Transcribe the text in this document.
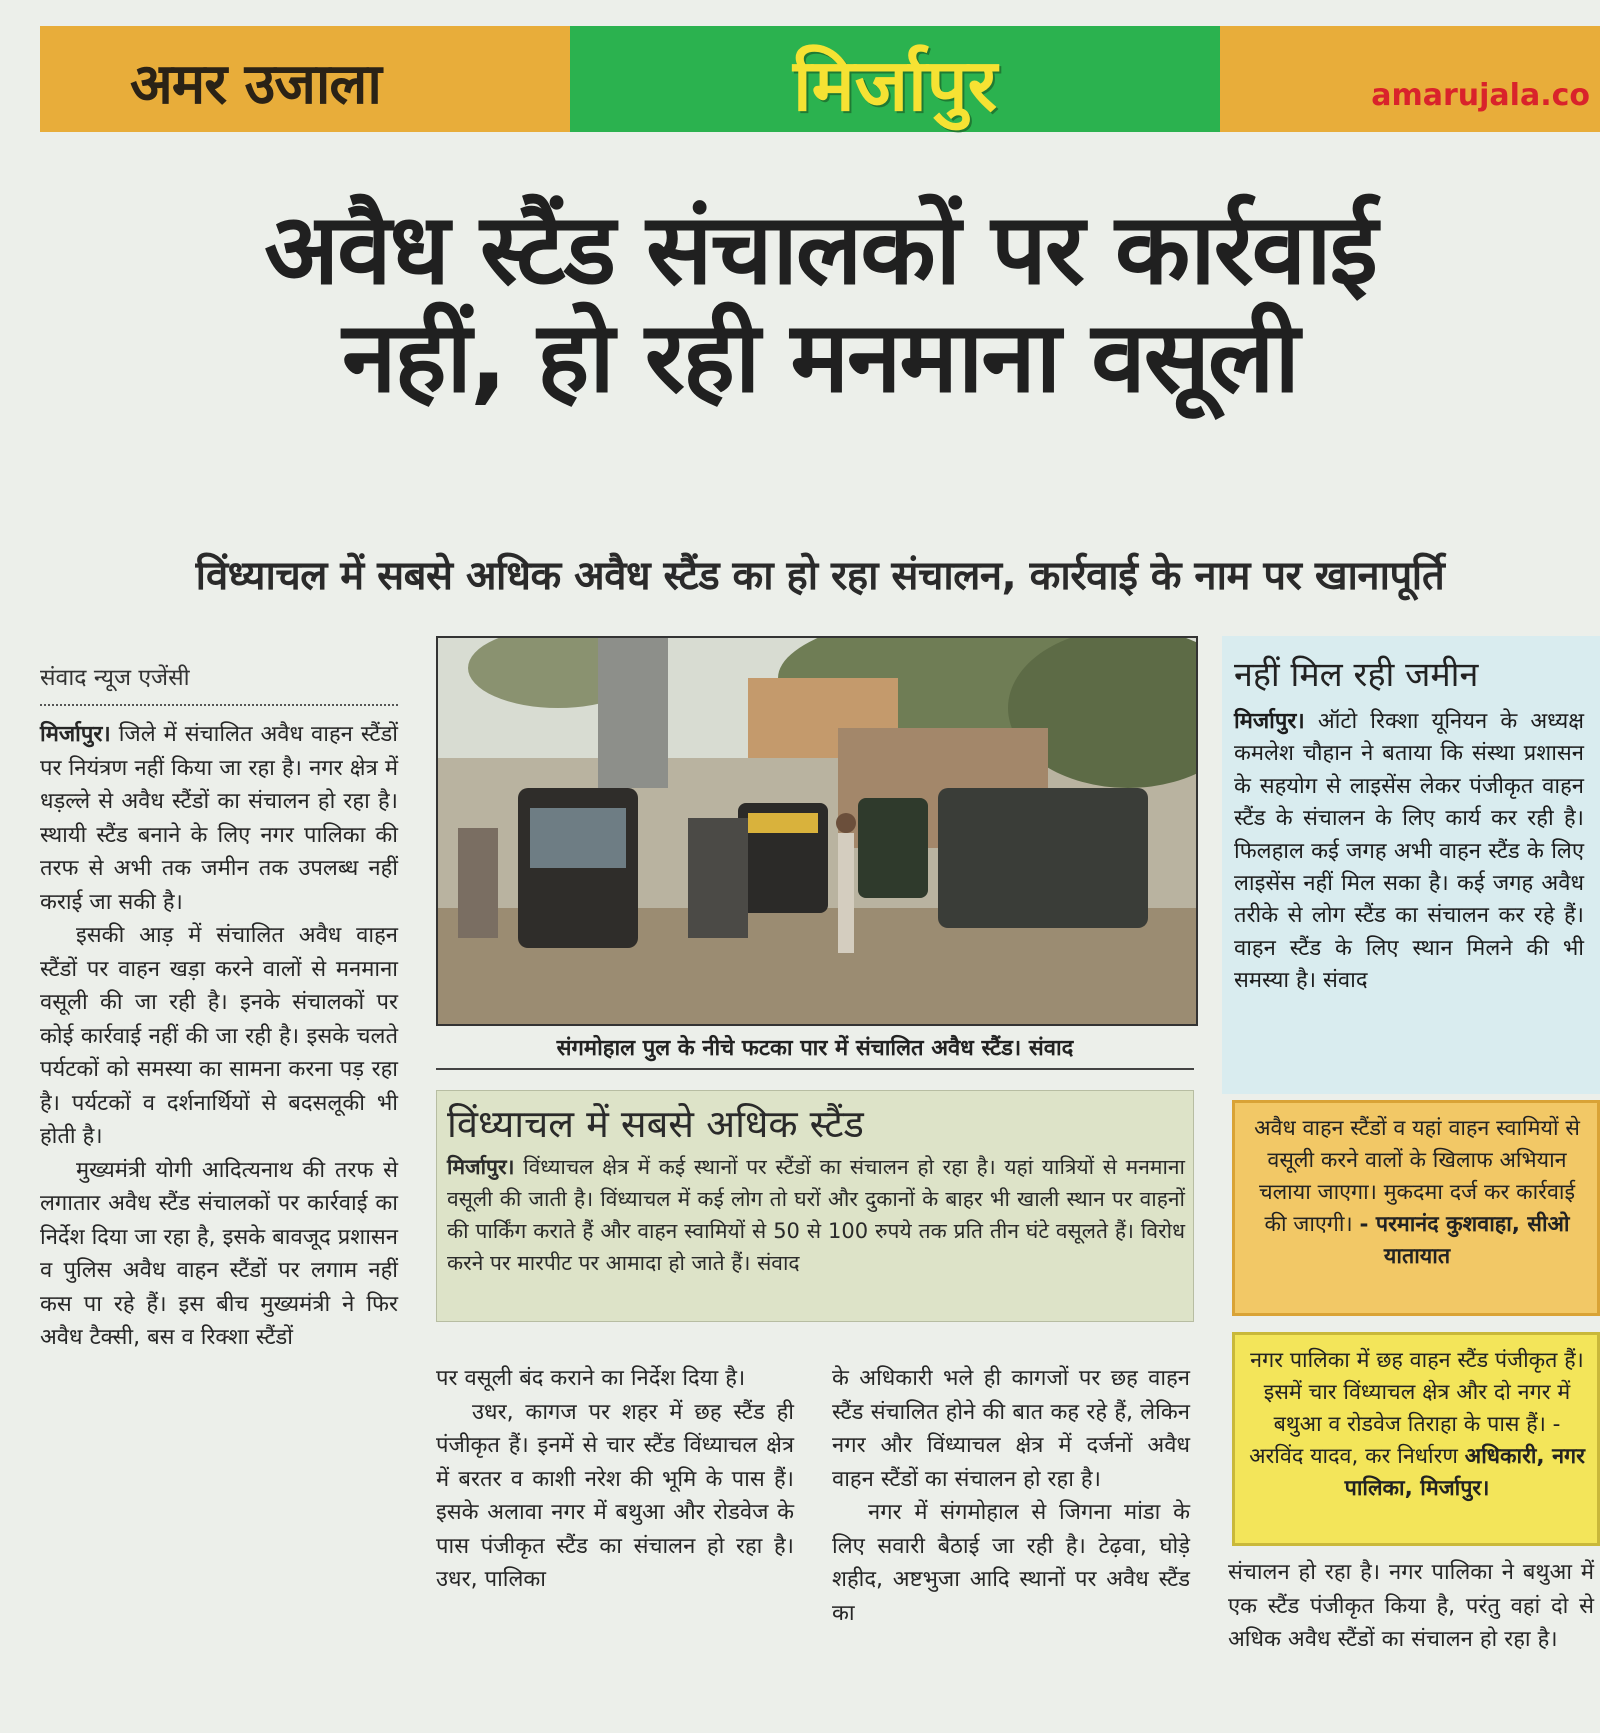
अमर उजाला	मिर्जापुर	amarujala.co
अवैध स्टैंड संचालकों पर कार्रवाई
नहीं, हो रही मनमाना वसूली
विंध्याचल में सबसे अधिक अवैध स्टैंड का हो रहा संचालन, कार्रवाई के नाम पर खानापूर्ति
संवाद न्यूज एजेंसी

मिर्जापुर। जिले में संचालित अवैध वाहन स्टैंडों पर नियंत्रण नहीं किया जा रहा है। नगर क्षेत्र में धड़ल्ले से अवैध स्टैंडों का संचालन हो रहा है। स्थायी स्टैंड बनाने के लिए नगर पालिका की तरफ से अभी तक जमीन तक उपलब्ध नहीं कराई जा सकी है।

इसकी आड़ में संचालित अवैध वाहन स्टैंडों पर वाहन खड़ा करने वालों से मनमाना वसूली की जा रही है। इनके संचालकों पर कोई कार्रवाई नहीं की जा रही है। इसके चलते पर्यटकों को समस्या का सामना करना पड़ रहा है। पर्यटकों व दर्शनार्थियों से बदसलूकी भी होती है।

मुख्यमंत्री योगी आदित्यनाथ की तरफ से लगातार अवैध स्टैंड संचालकों पर कार्रवाई का निर्देश दिया जा रहा है, इसके बावजूद प्रशासन व पुलिस अवैध वाहन स्टैंडों पर लगाम नहीं कस पा रहे हैं। इस बीच मुख्यमंत्री ने फिर अवैध टैक्सी, बस व रिक्शा स्टैंडों

संगमोहाल पुल के नीचे फटका पार में संचालित अवैध स्टैंड। संवाद
विंध्याचल में सबसे अधिक स्टैंड
मिर्जापुर। विंध्याचल क्षेत्र में कई स्थानों पर स्टैंडों का संचालन हो रहा है। यहां यात्रियों से मनमाना वसूली की जाती है। विंध्याचल में कई लोग तो घरों और दुकानों के बाहर भी खाली स्थान पर वाहनों की पार्किंग कराते हैं और वाहन स्वामियों से 50 से 100 रुपये तक प्रति तीन घंटे वसूलते हैं। विरोध करने पर मारपीट पर आमादा हो जाते हैं। संवाद

पर वसूली बंद कराने का निर्देश दिया है।

उधर, कागज पर शहर में छह स्टैंड ही पंजीकृत हैं। इनमें से चार स्टैंड विंध्याचल क्षेत्र में बरतर व काशी नरेश की भूमि के पास हैं। इसके अलावा नगर में बथुआ और रोडवेज के पास पंजीकृत स्टैंड का संचालन हो रहा है। उधर, पालिका

के अधिकारी भले ही कागजों पर छह वाहन स्टैंड संचालित होने की बात कह रहे हैं, लेकिन नगर और विंध्याचल क्षेत्र में दर्जनों अवैध वाहन स्टैंडों का संचालन हो रहा है।

नगर में संगमोहाल से जिगना मांडा के लिए सवारी बैठाई जा रही है। टेढ़वा, घोड़े शहीद, अष्टभुजा आदि स्थानों पर अवैध स्टैंड का

नहीं मिल रही जमीन
मिर्जापुर। ऑटो रिक्शा यूनियन के अध्यक्ष कमलेश चौहान ने बताया कि संस्था प्रशासन के सहयोग से लाइसेंस लेकर पंजीकृत वाहन स्टैंड के संचालन के लिए कार्य कर रही है। फिलहाल कई जगह अभी वाहन स्टैंड के लिए लाइसेंस नहीं मिल सका है। कई जगह अवैध तरीके से लोग स्टैंड का संचालन कर रहे हैं। वाहन स्टैंड के लिए स्थान मिलने की भी समस्या है। संवाद
अवैध वाहन स्टैंडों व यहां वाहन स्वामियों से वसूली करने वालों के खिलाफ अभियान चलाया जाएगा। मुकदमा दर्ज कर कार्रवाई की जाएगी। - परमानंद कुशवाहा, सीओ यातायात
नगर पालिका में छह वाहन स्टैंड पंजीकृत हैं। इसमें चार विंध्याचल क्षेत्र और दो नगर में बथुआ व रोडवेज तिराहा के पास हैं। - अरविंद यादव, कर निर्धारण अधिकारी, नगर पालिका, मिर्जापुर।

संचालन हो रहा है। नगर पालिका ने बथुआ में एक स्टैंड पंजीकृत किया है, परंतु वहां दो से अधिक अवैध स्टैंडों का संचालन हो रहा है।
